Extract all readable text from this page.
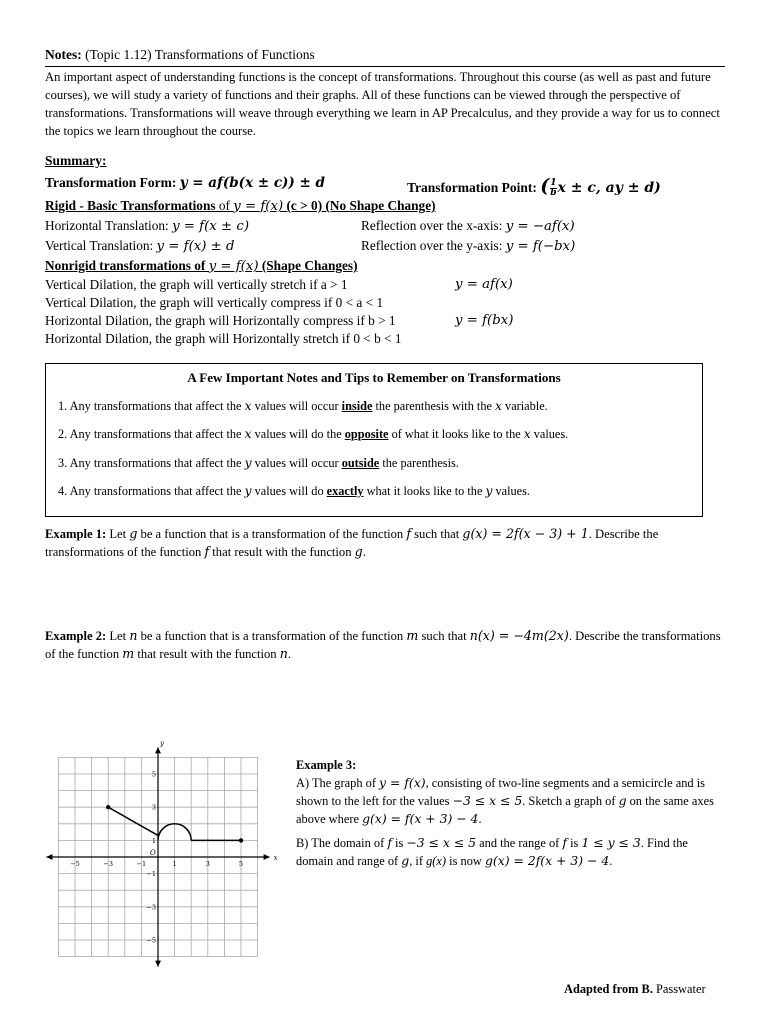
Notes: (Topic 1.12) Transformations of Functions
An important aspect of understanding functions is the concept of transformations. Throughout this course (as well as past and future courses), we will study a variety of functions and their graphs. All of these functions can be viewed through the perspective of transformations. Transformations will weave through everything we learn in AP Precalculus, and they provide a way for us to connect the topics we learn throughout the course.
Summary:
Transformation Form: y = af(b(x ± c)) ± d	Transformation Point: ( $\frac{1}{b}$ x ± c, ay ± d)
Rigid - Basic Transformations of y = f(x) (c > 0) (No Shape Change)
Horizontal Translation: y = f(x ± c)	Reflection over the x-axis: y = −af(x)
Vertical Translation: y = f(x) ± d	Reflection over the y-axis: y = f(−bx)
Nonrigid transformations of y = f(x) (Shape Changes)
Vertical Dilation, the graph will vertically stretch if a > 1	y = af(x)
Vertical Dilation, the graph will vertically compress if 0 < a < 1
Horizontal Dilation, the graph will Horizontally compress if b > 1	y = f(bx)
Horizontal Dilation, the graph will Horizontally stretch if 0 < b < 1
A Few Important Notes and Tips to Remember on Transformations
1. Any transformations that affect the x values will occur inside the parenthesis with the x variable.
2. Any transformations that affect the x values will do the opposite of what it looks like to the x values.
3. Any transformations that affect the y values will occur outside the parenthesis.
4. Any transformations that affect the y values will do exactly what it looks like to the y values.
Example 1: Let g be a function that is a transformation of the function f such that g(x) = 2f(x − 3) + 1. Describe the transformations of the function f that result with the function g.
Example 2: Let n be a function that is a transformation of the function m such that n(x) = −4m(2x). Describe the transformations of the function m that result with the function n.
x
y
O
−5	−3	−1	1	3	5
5
3
1
−1
−3
−5
Example 3:
A) The graph of y = f(x), consisting of two-line segments and a semicircle and is shown to the left for the values −3 ≤ x ≤ 5. Sketch a graph of g on the same axes above where g(x) = f(x + 3) − 4.
B) The domain of f is −3 ≤ x ≤ 5 and the range of f is 1 ≤ y ≤ 3. Find the domain and range of g, if g(x) is now g(x) = 2f(x + 3) − 4.
Adapted from B. Passwater
